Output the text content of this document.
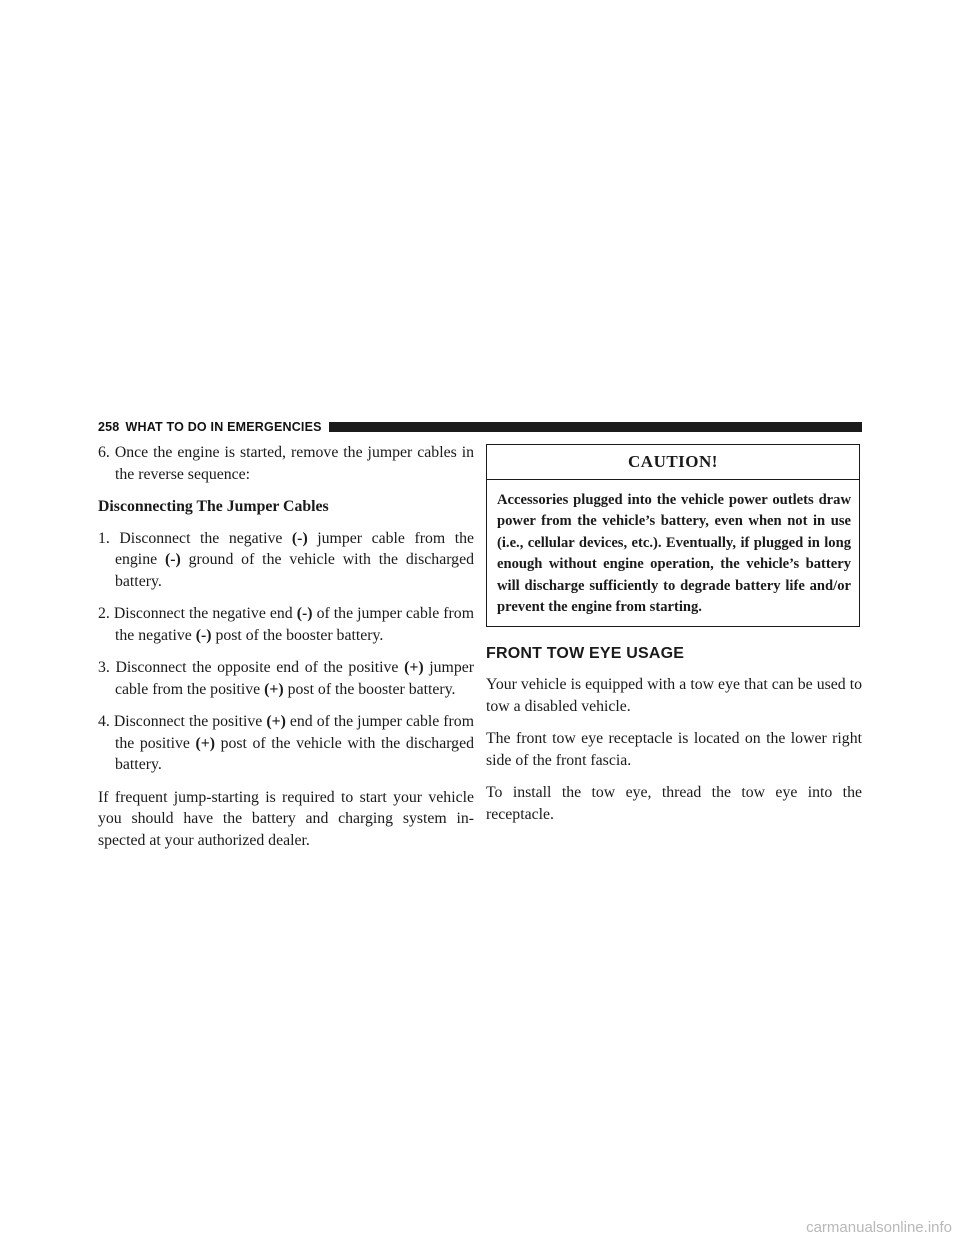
258 WHAT TO DO IN EMERGENCIES

6. Once the engine is started, remove the jumper cables in the reverse sequence:

Disconnecting The Jumper Cables

1. Disconnect the negative (-) jumper cable from the engine (-) ground of the vehicle with the discharged battery.

2. Disconnect the negative end (-) of the jumper cable from the negative (-) post of the booster battery.

3. Disconnect the opposite end of the positive (+) jumper cable from the positive (+) post of the booster battery.

4. Disconnect the positive (+) end of the jumper cable from the positive (+) post of the vehicle with the discharged battery.

If frequent jump-starting is required to start your vehicle you should have the battery and charging system in-spected at your authorized dealer.

CAUTION!
Accessories plugged into the vehicle power outlets draw power from the vehicle’s battery, even when not in use (i.e., cellular devices, etc.). Eventually, if plugged in long enough without engine operation, the vehicle’s battery will discharge sufficiently to degrade battery life and/or prevent the engine from starting.
FRONT TOW EYE USAGE

Your vehicle is equipped with a tow eye that can be used to tow a disabled vehicle.

The front tow eye receptacle is located on the lower right side of the front fascia.

To install the tow eye, thread the tow eye into the receptacle.

carmanualsonline.info
